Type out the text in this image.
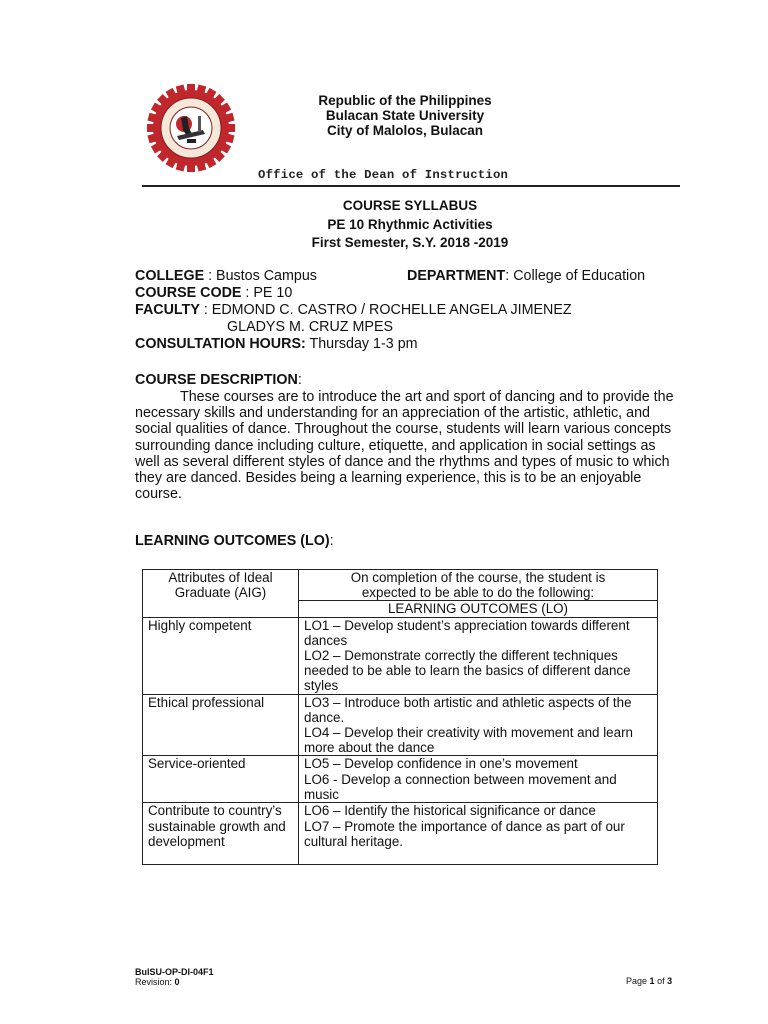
Republic of the Philippines
Bulacan State University
City of Malolos, Bulacan
Office of the Dean of Instruction
COURSE SYLLABUS
PE 10 Rhythmic Activities
First Semester, S.Y. 2018 -2019
COLLEGE : Bustos Campus	DEPARTMENT: College of Education
COURSE CODE : PE 10
FACULTY : EDMOND C. CASTRO / ROCHELLE ANGELA JIMENEZ
GLADYS M. CRUZ MPES
CONSULTATION HOURS: Thursday 1-3 pm
COURSE DESCRIPTION:
These courses are to introduce the art and sport of dancing and to provide the necessary skills and understanding for an appreciation of the artistic, athletic, and social qualities of dance. Throughout the course, students will learn various concepts surrounding dance including culture, etiquette, and application in social settings as well as several different styles of dance and the rhythms and types of music to which they are danced. Besides being a learning experience, this is to be an enjoyable course.
LEARNING OUTCOMES (LO):
Attributes of Ideal Graduate (AIG)	On completion of the course, the student is expected to be able to do the following:
	LEARNING OUTCOMES (LO)
Highly competent	LO1 – Develop student’s appreciation towards different dances
LO2 – Demonstrate correctly the different techniques needed to be able to learn the basics of different dance styles

Ethical professional	LO3 – Introduce both artistic and athletic aspects of the dance.
LO4 – Develop their creativity with movement and learn more about the dance

Service-oriented	LO5 – Develop confidence in one’s movement
LO6 - Develop a connection between movement and music

Contribute to country’s sustainable growth and development	LO6 – Identify the historical significance or dance
LO7 – Promote the importance of dance as part of our cultural heritage.
BulSU-OP-DI-04F1
Revision: 0	Page 1 of 3
